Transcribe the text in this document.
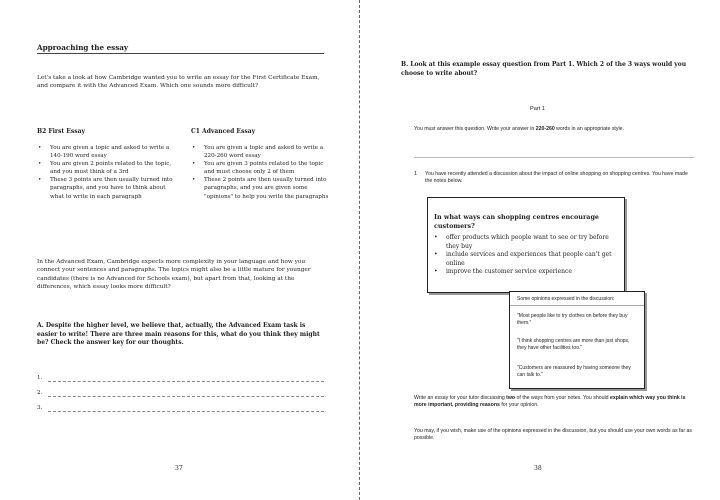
Approaching the essay

Let's take a look at how Cambridge wanted you to write an essay for the First Certificate Exam, and compare it with the Advanced Exam. Which one sounds more difficult?

B2 First Essay
• You are given a topic and asked to write a 140-190 word essay
• You are given 2 points related to the topic, and you must think of a 3rd
• These 3 points are then usually turned into paragraphs, and you have to think about what to write in each paragraph
C1 Advanced Essay
• You are given a topic and asked to write a 220-260 word essay
• You are given 3 points related to the topic and must choose only 2 of them
• These 2 points are then usually turned into paragraphs, and you are given some "opinions" to help you write the paragraphs

In the Advanced Exam, Cambridge expects more complexity in your language and how you connect your sentences and paragraphs. The topics might also be a little mature for younger candidates (there is no Advanced for Schools exam), but apart from that, looking at the differences, which essay looks more difficult?

A. Despite the higher level, we believe that, actually, the Advanced Exam task is easier to write! There are three main reasons for this, what do you think they might be? Check the answer key for our thoughts.

1.
2.
3.
37

B. Look at this example essay question from Part 1. Which 2 of the 3 ways would you choose to write about?

Part 1

You must answer this question. Write your answer in 220-260 words in an appropriate style.

1 You have recently attended a discussion about the impact of online shopping on shopping centres. You have made the notes below.

In what ways can shopping centres encourage customers?
• offer products which people want to see or try before they buy
• include services and experiences that people can't get online
• improve the customer service experience
Some opinions expressed in the discussion:

"Most people like to try clothes on before they buy them."

"I think shopping centres are more than just shops, they have other facilities too."

"Customers are reassured by having someone they can talk to."

Write an essay for your tutor discussing two of the ways from your notes. You should explain which way you think is more important, providing reasons for your opinion.

You may, if you wish, make use of the opinions expressed in the discussion, but you should use your own words as far as possible.

38
